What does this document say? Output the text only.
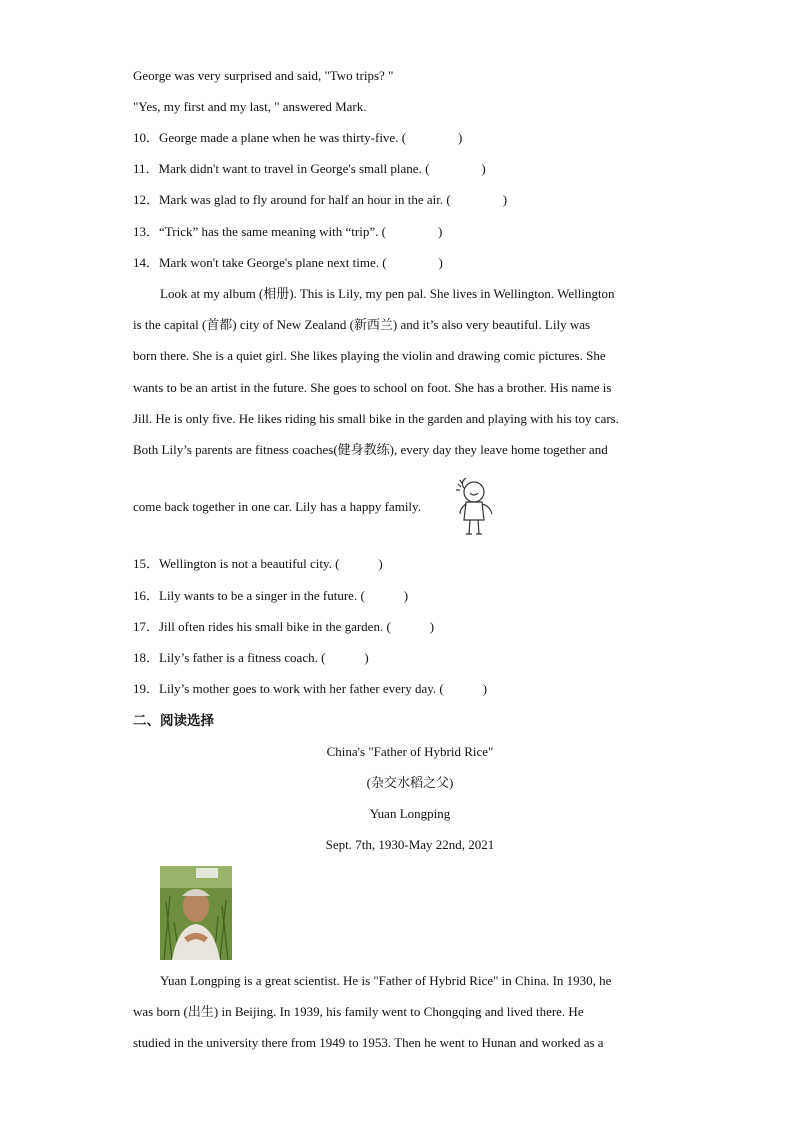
George was very surprised and said, "Two trips? "
"Yes, my first and my last, " answered Mark.
10．George made a plane when he was thirty-five. (　　　　)
11．Mark didn't want to travel in George's small plane. (　　　　)
12．Mark was glad to fly around for half an hour in the air. (　　　　)
13．“Trick” has the same meaning with “trip”. (　　　　)
14．Mark won't take George's plane next time. (　　　　)
Look at my album (相册). This is Lily, my pen pal. She lives in Wellington. Wellington
is the capital (首都) city of New Zealand (新西兰) and it’s also very beautiful. Lily was
born there. She is a quiet girl. She likes playing the violin and drawing comic pictures. She
wants to be an artist in the future. She goes to school on foot. She has a brother. His name is
Jill. He is only five. He likes riding his small bike in the garden and playing with his toy cars.
Both Lily’s parents are fitness coaches(健身教练), every day they leave home together and
come back together in one car. Lily has a happy family.
15．Wellington is not a beautiful city. (　　　)
16．Lily wants to be a singer in the future. (　　　)
17．Jill often rides his small bike in the garden. (　　　)
18．Lily’s father is a fitness coach. (　　　)
19．Lily’s mother goes to work with her father every day. (　　　)
二、阅读选择
China's "Father of Hybrid Rice"
(杂交水稻之父)
Yuan Longping
Sept. 7th, 1930-May 22nd, 2021
Yuan Longping is a great scientist. He is "Father of Hybrid Rice" in China. In 1930, he
was born (出生) in Beijing. In 1939, his family went to Chongqing and lived there. He
studied in the university there from 1949 to 1953. Then he went to Hunan and worked as a
